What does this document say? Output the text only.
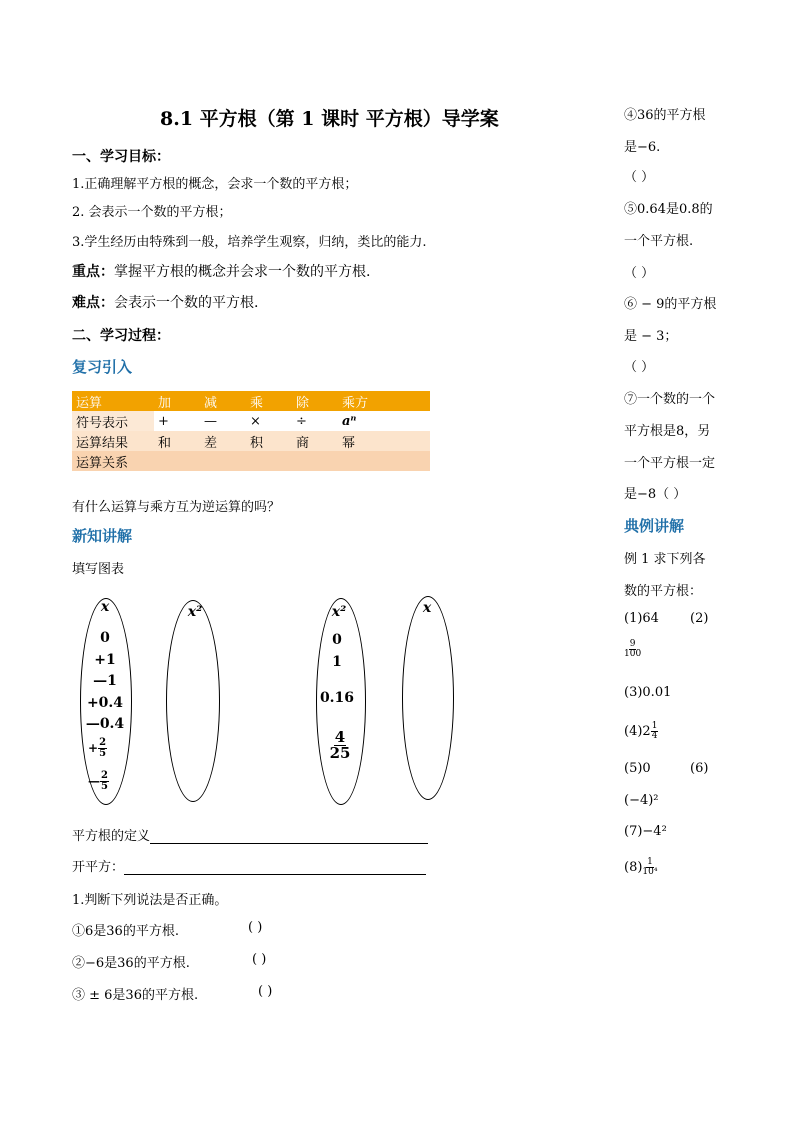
8.1 平方根（第 1 课时 平方根）导学案
一、学习目标：
1.正确理解平方根的概念，会求一个数的平方根；
2. 会表示一个数的平方根；
3.学生经历由特殊到一般，培养学生观察，归纳，类比的能力.
重点：掌握平方根的概念并会求一个数的平方根.
难点：会表示一个数的平方根.
二、学习过程：
复习引入
运算	加	减	乘	除	乘方	
符号表示	+	—	×	÷	aⁿ	
运算结果	和	差	积	商	幂	
运算关系						
有什么运算与乘方互为逆运算的吗？
新知讲解
填写图表
x
0
+1
—1
+0.4
—0.4
+ $\frac{2}{5}$
— $\frac{2}{5}$
x²	x²
0
1
0.16
$\frac{4}{25}$
x
平方根的定义
开平方：
1.判断下列说法是否正确。
①6是36的平方根.	( )
②−6是36的平方根.	( )
③ ± 6是36的平方根.	( )
④36的平方根
是−6.
（ ）
⑤0.64是0.8的
一个平方根.
（ ）
⑥ − 9的平方根
是 − 3；
（ ）
⑦一个数的一个
平方根是8，另
一个平方根一定
是−8（ ）
典例讲解
例 1 求下列各
数的平方根：
(1)64 (2)
$\frac{9}{100}$
(3)0.01
$(4)2 \frac{1}{4}$
(5)0	(6)
(−4)²
(7)−4²
$(8) \frac{1}{\text{10⁴}}$
